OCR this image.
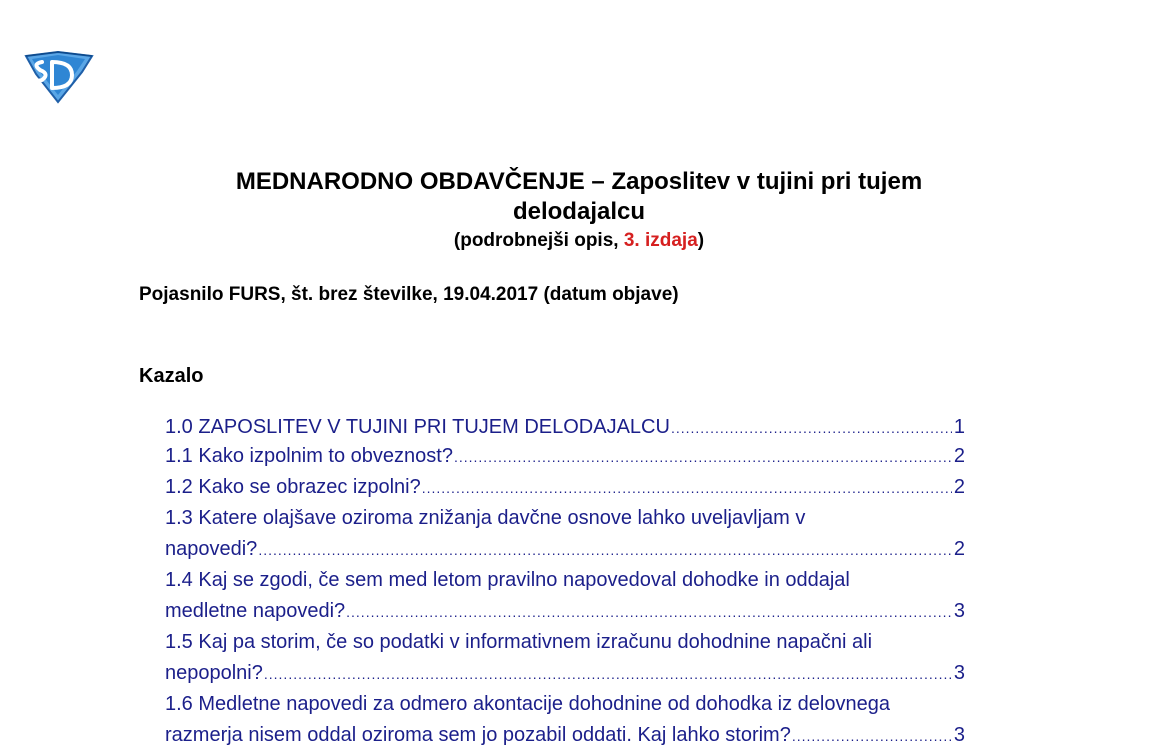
MEDNARODNO OBDAVČENJE – Zaposlitev v tujini pri tujem
delodajalcu
(podrobnejši opis, 3. izdaja)
Pojasnilo FURS, št. brez številke, 19.04.2017 (datum objave)
Kazalo
1.0 ZAPOSLITEV V TUJINI PRI TUJEM DELODAJALCU .....	1
1.1 Kako izpolnim to obveznost? .....	2
1.2 Kako se obrazec izpolni? .....	2
1.3 Katere olajšave oziroma znižanja davčne osnove lahko uveljavljam v
napovedi? .....	2
1.4 Kaj se zgodi, če sem med letom pravilno napovedoval dohodke in oddajal
medletne napovedi? .....	3
1.5 Kaj pa storim, če so podatki v informativnem izračunu dohodnine napačni ali
nepopolni? .....	3
1.6 Medletne napovedi za odmero akontacije dohodnine od dohodka iz delovnega
razmerja nisem oddal oziroma sem jo pozabil oddati. Kaj lahko storim? .....	3
